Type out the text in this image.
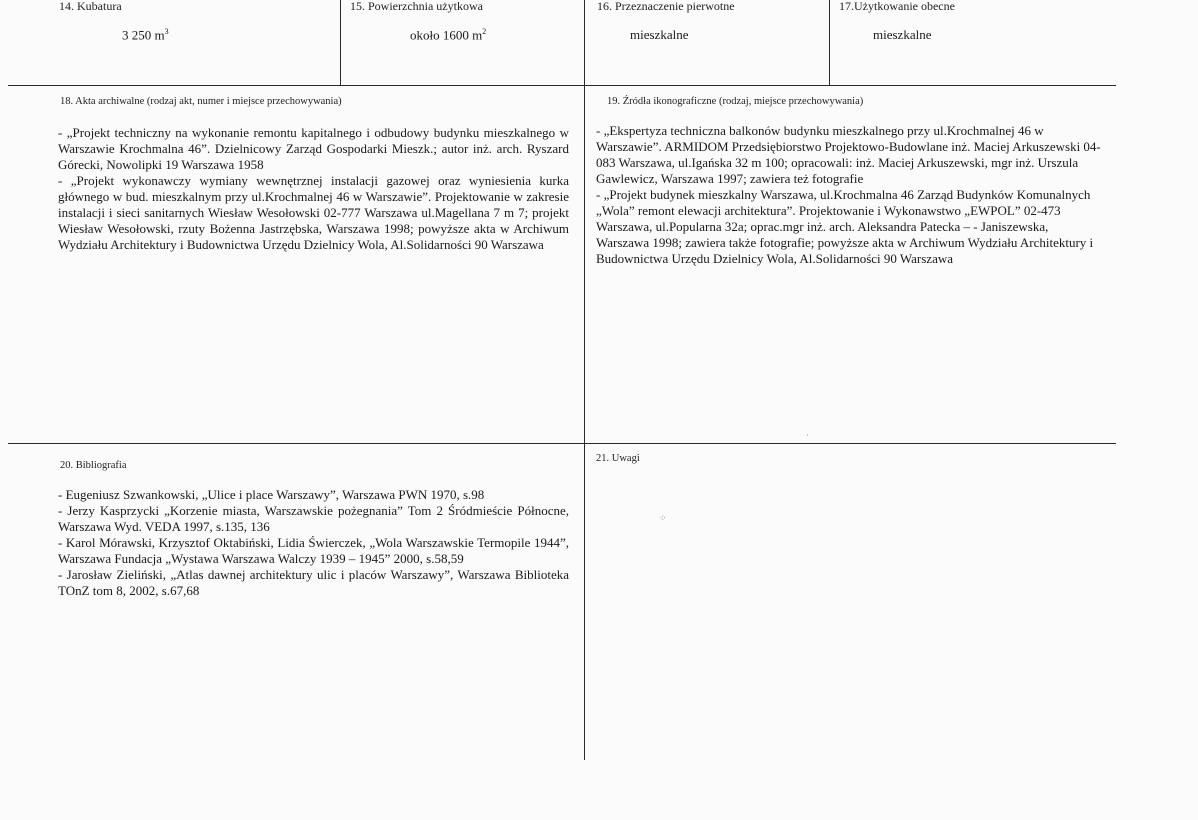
14. Kubatura
3 250 $m^3$
15. Powierzchnia użytkowa
około 1600 $m^2$
16. Przeznaczenie pierwotne
mieszkalne
17.Użytkowanie obecne
mieszkalne
18. Akta archiwalne (rodzaj akt, numer i miejsce przechowywania)

- „Projekt techniczny na wykonanie remontu kapitalnego i odbudowy budynku mieszkalnego w Warszawie Krochmalna 46”. Dzielnicowy Zarząd Gospodarki Mieszk.; autor inż. arch. Ryszard Górecki, Nowolipki 19 Warszawa 1958

- „Projekt wykonawczy wymiany wewnętrznej instalacji gazowej oraz wyniesienia kurka głównego w bud. mieszkalnym przy ul.Krochmalnej 46 w Warszawie”. Projektowanie w zakresie instalacji i sieci sanitarnych Wiesław Wesołowski 02-777 Warszawa ul.Magellana 7 m 7; projekt Wiesław Wesołowski, rzuty Bożenna Jastrzębska, Warszawa 1998; powyższe akta w Archiwum Wydziału Architektury i Budownictwa Urzędu Dzielnicy Wola, Al.Solidarności 90 Warszawa

19. Źródła ikonograficzne (rodzaj, miejsce przechowywania)

- „Ekspertyza techniczna balkonów budynku mieszkalnego przy ul.Krochmalnej 46 w Warszawie”. ARMIDOM Przedsiębiorstwo Projektowo-Budowlane inż. Maciej Arkuszewski 04-083 Warszawa, ul.Igańska 32 m 100; opracowali: inż. Maciej Arkuszewski, mgr inż. Urszula Gawlewicz, Warszawa 1997; zawiera też fotografie

- „Projekt budynek mieszkalny Warszawa, ul.Krochmalna 46 Zarząd Budynków Komunalnych „Wola” remont elewacji architektura”. Projektowanie i Wykonawstwo „EWPOL” 02-473 Warszawa, ul.Popularna 32a; oprac.mgr inż. arch. Aleksandra Patecka – - Janiszewska, Warszawa 1998; zawiera także fotografie; powyższe akta w Archiwum Wydziału Architektury i Budownictwa Urzędu Dzielnicy Wola, Al.Solidarności 90 Warszawa

20. Bibliografia

- Eugeniusz Szwankowski, „Ulice i place Warszawy”, Warszawa PWN 1970, s.98

- Jerzy Kasprzycki „Korzenie miasta, Warszawskie pożegnania” Tom 2 Śródmieście Północne, Warszawa Wyd. VEDA 1997, s.135, 136

- Karol Mórawski, Krzysztof Oktabiński, Lidia Świerczek, „Wola Warszawskie Termopile 1944”, Warszawa Fundacja „Wystawa Warszawa Walczy 1939 – 1945” 2000, s.58,59

- Jarosław Zieliński, „Atlas dawnej architektury ulic i placów Warszawy”, Warszawa Biblioteka TOnZ tom 8, 2002, s.67,68

21. Uwagi
⁘
·
